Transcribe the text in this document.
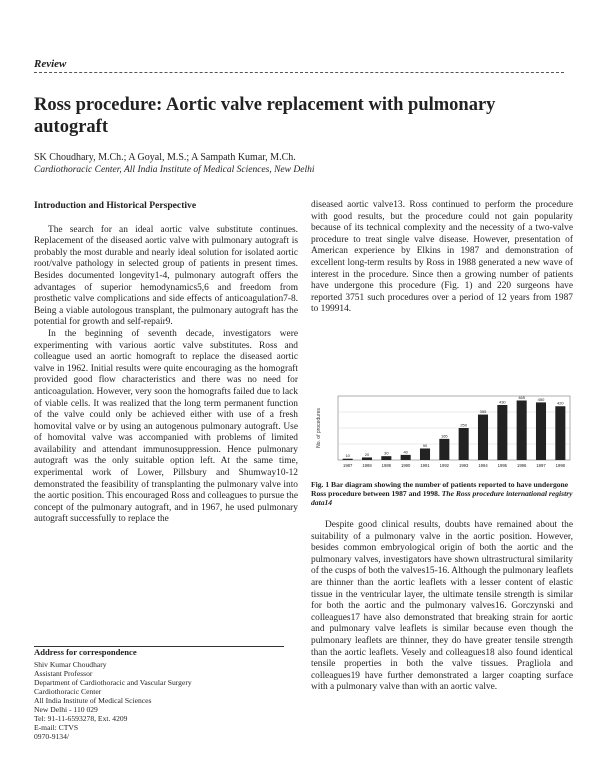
Review
Ross procedure: Aortic valve replacement with pulmonary autograft
SK Choudhary, M.Ch.; A Goyal, M.S.; A Sampath Kumar, M.Ch.
Cardiothoracic Center, All India Institute of Medical Sciences, New Delhi
Introduction and Historical Perspective

The search for an ideal aortic valve substitute continues. Replacement of the diseased aortic valve with pulmonary autograft is probably the most durable and nearly ideal solution for isolated aortic root/valve pathology in selected group of patients in present times. Besides documented longevity1-4, pulmonary autograft offers the advantages of superior hemodynamics5,6 and freedom from prosthetic valve complications and side effects of anticoagulation7-8. Being a viable autologous transplant, the pulmonary autograft has the potential for growth and self-repair9.

In the beginning of seventh decade, investigators were experimenting with various aortic valve substitutes. Ross and colleague used an aortic homograft to replace the diseased aortic valve in 1962. Initial results were quite encouraging as the homograft provided good flow characteristics and there was no need for anticoagulation. However, very soon the homografts failed due to lack of viable cells. It was realized that the long term permanent function of the valve could only be achieved either with use of a fresh homovital valve or by using an autogenous pulmonary autograft. Use of homovital valve was accompanied with problems of limited availability and attendant immunosuppression. Hence pulmonary autograft was the only suitable option left. At the same time, experimental work of Lower, Pillsbury and Shumway10-12 demonstrated the feasibility of transplanting the pulmonary valve into the aortic position. This encouraged Ross and colleagues to pursue the concept of the pulmonary autograft, and in 1967, he used pulmonary autograft successfully to replace the

Address for correspondence
Shiv Kumar Choudhary
Assistant Professor
Department of Cardiothoracic and Vascular Surgery
Cardiothoracic Center
All India Institute of Medical Sciences
New Delhi - 110 029
Tel: 91-11-6593278, Ext. 4209
E-mail: CTVS
0970-9134/

diseased aortic valve13. Ross continued to perform the procedure with good results, but the procedure could not gain popularity because of its technical complexity and the necessity of a two-valve procedure to treat single valve disease. However, presentation of American experience by Elkins in 1987 and demonstration of excellent long-term results by Ross in 1988 generated a new wave of interest in the procedure. Since then a growing number of patients have undergone this procedure (Fig. 1) and 220 surgeons have reported 3751 such procedures over a period of 12 years from 1987 to 199914.

No. of procedures
10
1987
20
1988
30
1989
40
1990
90
1991
165
1992
250
1993
355
1994
430
1995
465
1996
450
1997
420
1998
Fig. 1 Bar diagram showing the number of patients reported to have undergone Ross procedure between 1987 and 1998. The Ross procedure international registry data14

Despite good clinical results, doubts have remained about the suitability of a pulmonary valve in the aortic position. However, besides common embryological origin of both the aortic and the pulmonary valves, investigators have shown ultrastructural similarity of the cusps of both the valves15-16. Although the pulmonary leaflets are thinner than the aortic leaflets with a lesser content of elastic tissue in the ventricular layer, the ultimate tensile strength is similar for both the aortic and the pulmonary valves16. Gorczynski and colleagues17 have also demonstrated that breaking strain for aortic and pulmonary valve leaflets is similar because even though the pulmonary leaflets are thinner, they do have greater tensile strength than the aortic leaflets. Vesely and colleagues18 also found identical tensile properties in both the valve tissues. Pragliola and colleagues19 have further demonstrated a larger coapting surface with a pulmonary valve than with an aortic valve.
